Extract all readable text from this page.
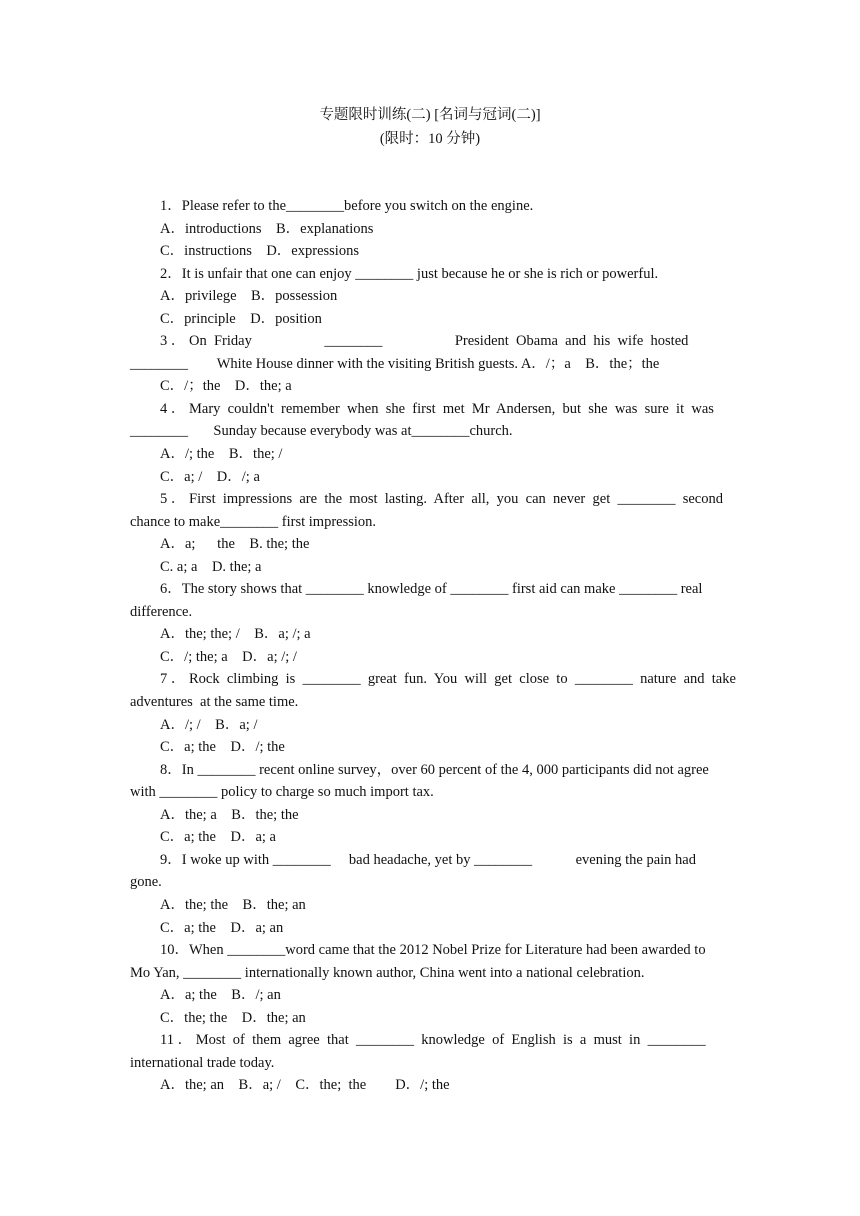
专题限时训练(二) [名词与冠词(二)]
(限时：10 分钟)
1．Please refer to the________before you switch on the engine.
A．introductions    B．explanations
C．instructions    D．expressions
2．It is unfair that one can enjoy ________ just because he or she is rich or powerful.
A．privilege    B．possession
C．principle    D．position
3 ． On  Friday                    ________                    President  Obama  and  his  wife  hosted
________        White House dinner with the visiting British guests. A．/；a    B．the；the
C．/；the    D．the; a
4 ． Mary  couldn't  remember  when  she  first  met  Mr  Andersen,  but  she  was  sure  it  was
________       Sunday because everybody was at________church.
A．/; the    B．the; /
C．a; /    D．/; a
5 ． First  impressions  are  the  most  lasting.  After  all,  you  can  never  get  ________  second
chance to make________ first impression.
A．a;      the    B. the; the
C. a; a    D. the; a
6．The story shows that ________ knowledge of ________ first aid can make ________ real
difference.
A．the; the; /    B．a; /; a
C．/; the; a    D．a; /; /
7 ． Rock  climbing  is  ________  great  fun.  You  will  get  close  to  ________  nature  and  take
adventures  at the same time.
A．/; /    B．a; /
C．a; the    D．/; the
8．In ________ recent online survey，over 60 percent of the 4, 000 participants did not agree
with ________ policy to charge so much import tax.
A．the; a    B．the; the
C．a; the    D．a; a
9．I woke up with ________     bad headache, yet by ________            evening the pain had
gone.
A．the; the    B．the; an
C．a; the    D．a; an
10．When ________word came that the 2012 Nobel Prize for Literature had been awarded to
Mo Yan, ________ internationally known author, China went into a national celebration.
A．a; the    B．/; an
C．the; the    D．the; an
11 ． Most  of  them  agree  that  ________  knowledge  of  English  is  a  must  in  ________
international trade today.
A．the; an    B．a; /    C．the;  the        D．/; the
